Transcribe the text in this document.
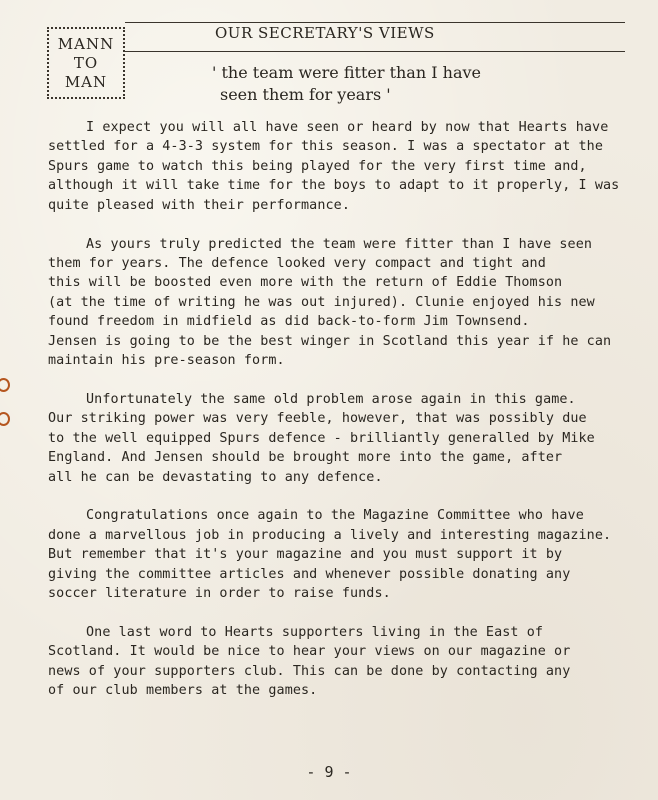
MANN
TO
MAN
OUR SECRETARY'S VIEWS
' the team were fitter than I have
seen them for years '

I expect you will all have seen or heard by now that Hearts have
settled for a 4-3-3 system for this season. I was a spectator at the
Spurs game to watch this being played for the very first time and,
although it will take time for the boys to adapt to it properly, I was
quite pleased with their performance.

As yours truly predicted the team were fitter than I have seen
them for years. The defence looked very compact and tight and
this will be boosted even more with the return of Eddie Thomson
(at the time of writing he was out injured). Clunie enjoyed his new
found freedom in midfield as did back-to-form Jim Townsend.
Jensen is going to be the best winger in Scotland this year if he can
maintain his pre-season form.

Unfortunately the same old problem arose again in this game.
Our striking power was very feeble, however, that was possibly due
to the well equipped Spurs defence - brilliantly generalled by Mike
England. And Jensen should be brought more into the game, after
all he can be devastating to any defence.

Congratulations once again to the Magazine Committee who have
done a marvellous job in producing a lively and interesting magazine.
But remember that it's your magazine and you must support it by
giving the committee articles and whenever possible donating any
soccer literature in order to raise funds.

One last word to Hearts supporters living in the East of
Scotland. It would be nice to hear your views on our magazine or
news of your supporters club. This can be done by contacting any
of our club members at the games.

- 9 -
